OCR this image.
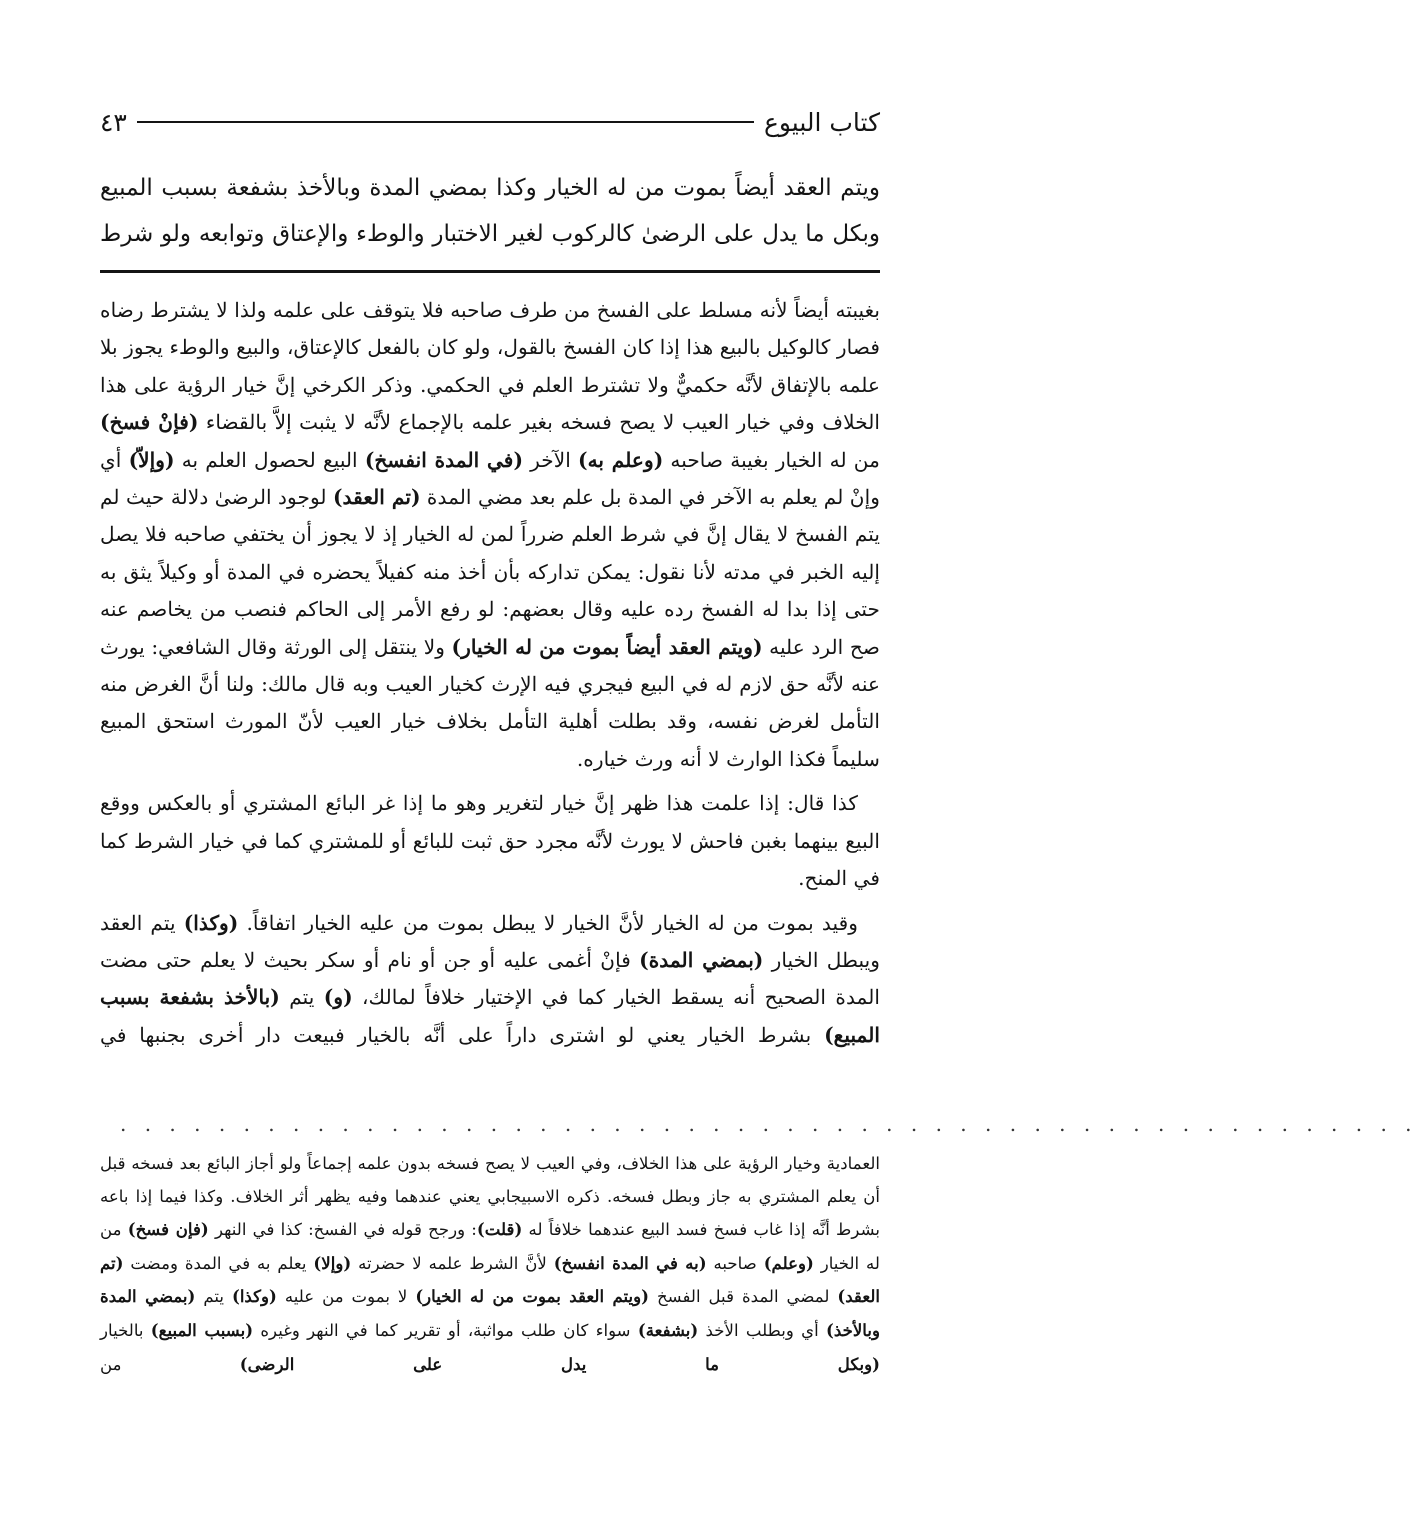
كتاب البيوع
٤٣

ويتم العقد أيضاً بموت من له الخيار وكذا بمضي المدة وبالأخذ بشفعة بسبب المبيع

وبكل ما يدل على الرضىٰ كالركوب لغير الاختبار والوطء والإعتاق وتوابعه ولو شرط

بغيبته أيضاً لأنه مسلط على الفسخ من طرف صاحبه فلا يتوقف على علمه ولذا لا يشترط رضاه فصار كالوكيل بالبيع هذا إذا كان الفسخ بالقول، ولو كان بالفعل كالإعتاق، والبيع والوطء يجوز بلا علمه بالإتفاق لأنَّه حكميٌّ ولا تشترط العلم في الحكمي. وذكر الكرخي إنَّ خيار الرؤية على هذا الخلاف وفي خيار العيب لا يصح فسخه بغير علمه بالإجماع لأنَّه لا يثبت إلاَّ بالقضاء (فإنْ فسخ) من له الخيار بغيبة صاحبه (وعلم به) الآخر (في المدة انفسخ) البيع لحصول العلم به (وإلاّ) أي وإنْ لم يعلم به الآخر في المدة بل علم بعد مضي المدة (تم العقد) لوجود الرضىٰ دلالة حيث لم يتم الفسخ لا يقال إنَّ في شرط العلم ضرراً لمن له الخيار إذ لا يجوز أن يختفي صاحبه فلا يصل إليه الخبر في مدته لأنا نقول: يمكن تداركه بأن أخذ منه كفيلاً يحضره في المدة أو وكيلاً يثق به حتى إذا بدا له الفسخ رده عليه وقال بعضهم: لو رفع الأمر إلى الحاكم فنصب من يخاصم عنه صح الرد عليه (ويتم العقد أيضاً بموت من له الخيار) ولا ينتقل إلى الورثة وقال الشافعي: يورث عنه لأنَّه حق لازم له في البيع فيجري فيه الإرث كخيار العيب وبه قال مالك: ولنا أنَّ الغرض منه التأمل لغرض نفسه، وقد بطلت أهلية التأمل بخلاف خيار العيب لأنّ المورث استحق المبيع سليماً فكذا الوارث لا أنه ورث خياره.

كذا قال: إذا علمت هذا ظهر إنَّ خيار لتغرير وهو ما إذا غر البائع المشتري أو بالعكس ووقع البيع بينهما بغبن فاحش لا يورث لأنَّه مجرد حق ثبت للبائع أو للمشتري كما في خيار الشرط كما في المنح.

وقيد بموت من له الخيار لأنَّ الخيار لا يبطل بموت من عليه الخيار اتفاقاً. (وكذا) يتم العقد ويبطل الخيار (بمضي المدة) فإنْ أغمى عليه أو جن أو نام أو سكر بحيث لا يعلم حتى مضت المدة الصحيح أنه يسقط الخيار كما في الإختيار خلافاً لمالك، (و) يتم (بالأخذ بشفعة بسبب المبيع) بشرط الخيار يعني لو اشترى داراً على أنَّه بالخيار فبيعت دار أخرى بجنبها في

. . . . . . . . . . . . . . . . . . . . . . . . . . . . . . . . . . . . . . . . . . . . . . . . . . . . .

العمادية وخيار الرؤية على هذا الخلاف، وفي العيب لا يصح فسخه بدون علمه إجماعاً ولو أجاز البائع بعد فسخه قبل أن يعلم المشتري به جاز وبطل فسخه. ذكره الاسبيجابي يعني عندهما وفيه يظهر أثر الخلاف. وكذا فيما إذا باعه بشرط أنَّه إذا غاب فسخ فسد البيع عندهما خلافاً له (قلت): ورجح قوله في الفسخ: كذا في النهر (فإن فسخ) من له الخيار (وعلم) صاحبه (به في المدة انفسخ) لأنَّ الشرط علمه لا حضرته (وإلا) يعلم به في المدة ومضت (تم العقد) لمضي المدة قبل الفسخ (ويتم العقد بموت من له الخيار) لا بموت من عليه (وكذا) يتم (بمضي المدة وبالأخذ) أي وبطلب الأخذ (بشفعة) سواء كان طلب مواثبة، أو تقرير كما في النهر وغيره (بسبب المبيع) بالخيار (وبكل ما يدل على الرضى) من
